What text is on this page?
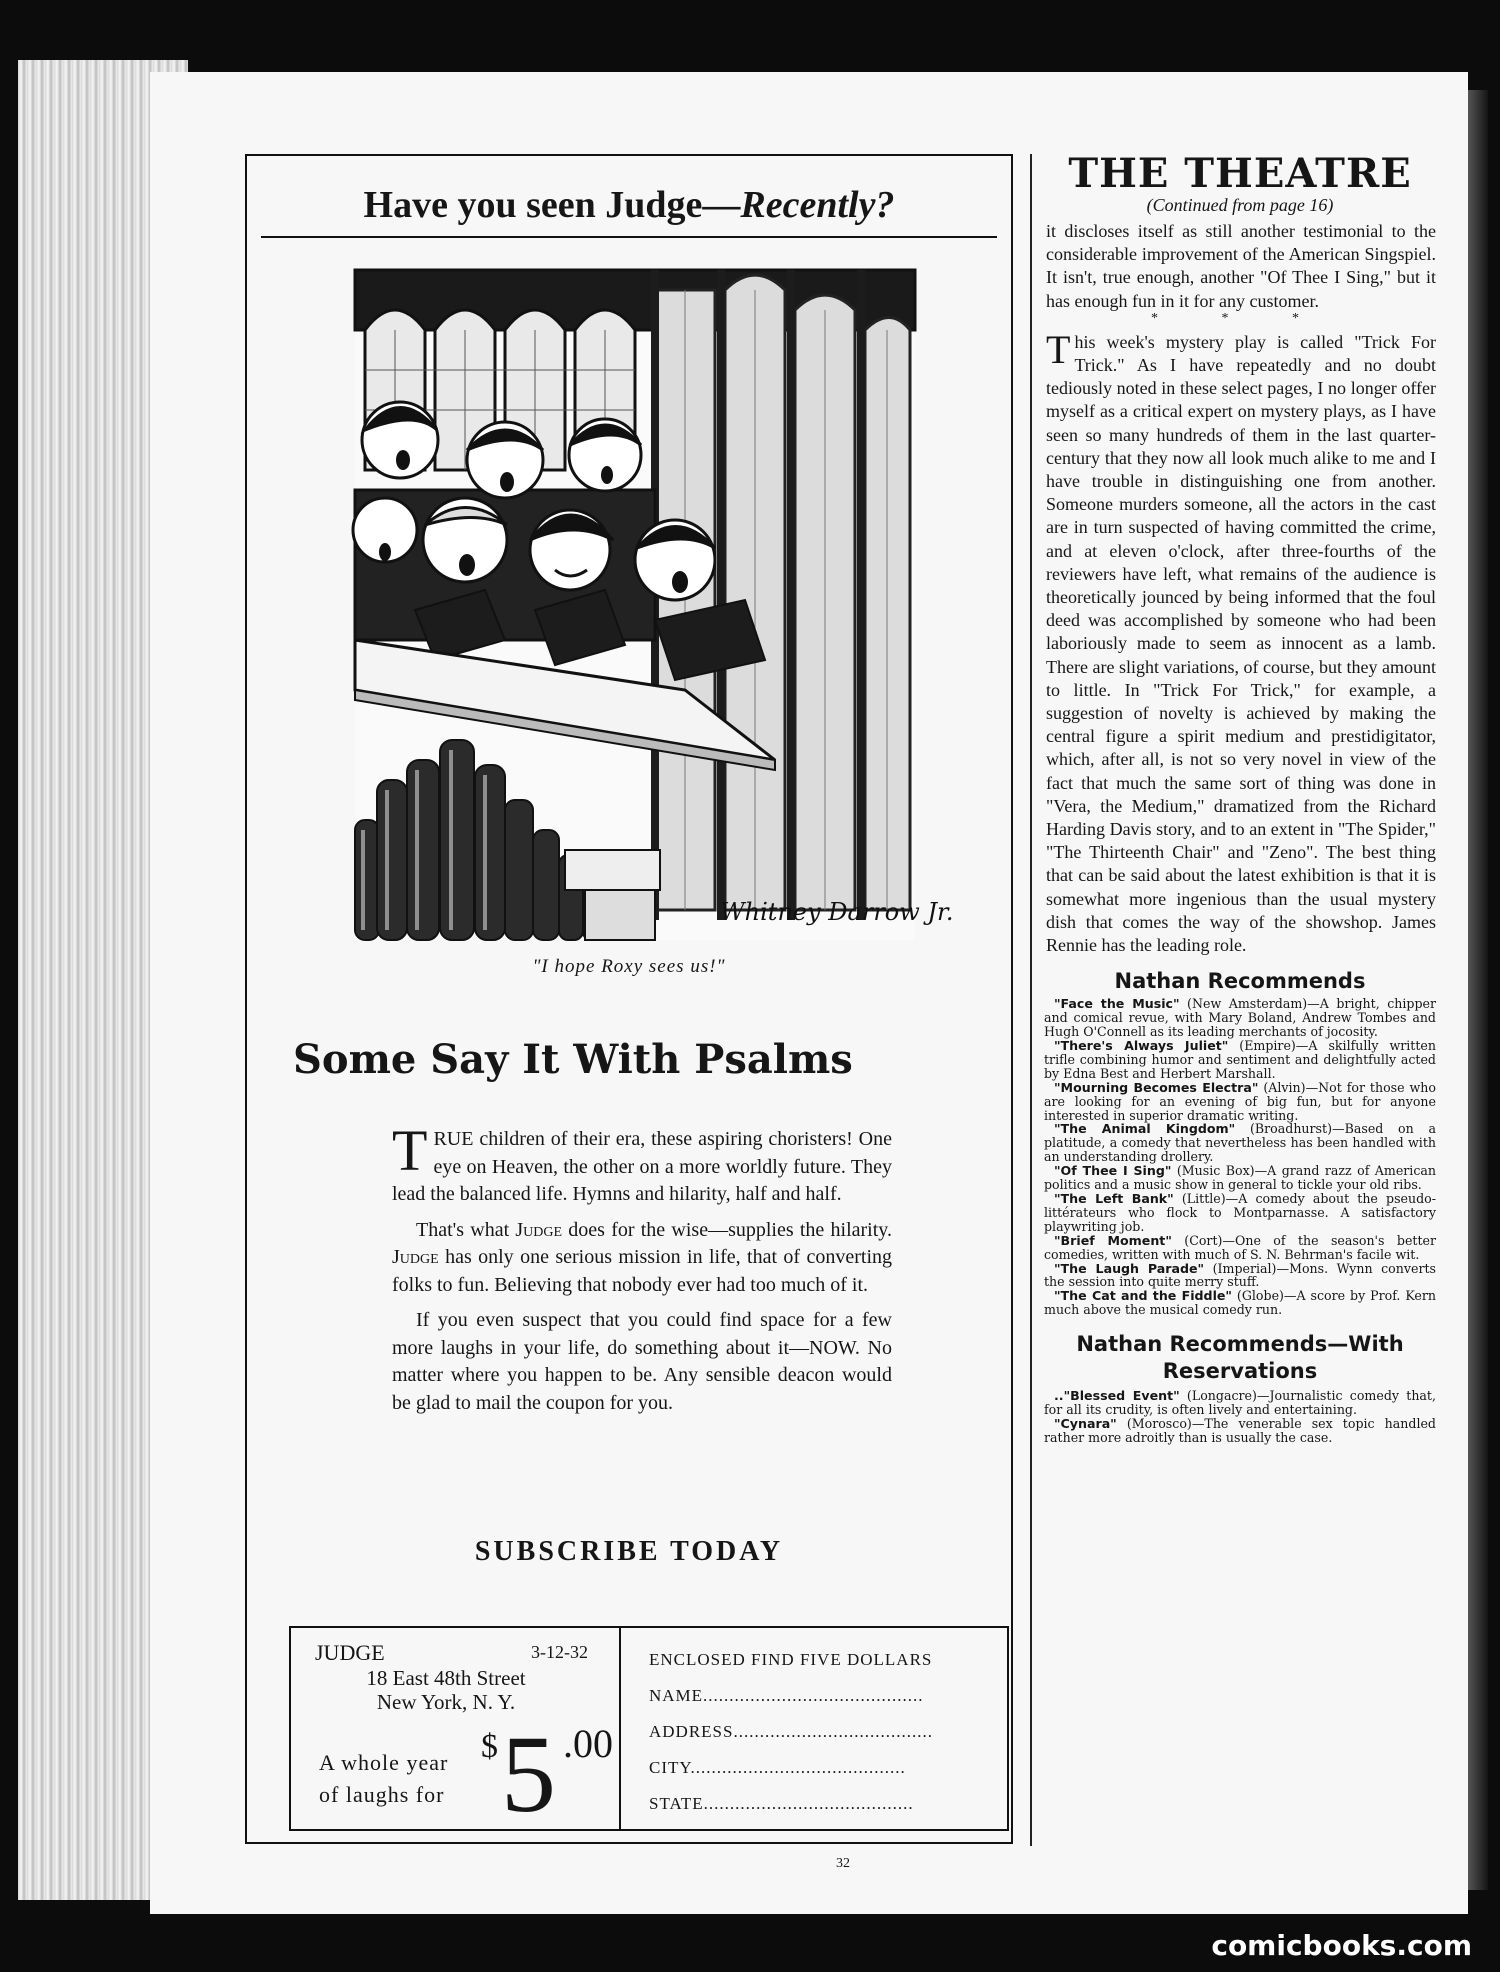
Have you seen Judge—Recently?
Whitney Darrow Jr.
"I hope Roxy sees us!"
Some Say It With Psalms

TRUE children of their era, these aspiring choristers! One eye on Heaven, the other on a more worldly future. They lead the balanced life. Hymns and hilarity, half and half.

That's what Judge does for the wise—supplies the hilarity. Judge has only one serious mission in life, that of converting folks to fun. Believing that nobody ever had too much of it.

If you even suspect that you could find space for a few more laughs in your life, do something about it—NOW. No matter where you happen to be. Any sensible deacon would be glad to mail the coupon for you.

SUBSCRIBE TODAY
JUDGE	3-12-32
18 East 48th Street
New York, N. Y.
A whole year
of laughs for
$ 5 .00
ENCLOSED FIND FIVE DOLLARS
NAME..........................................
ADDRESS......................................
CITY.........................................
STATE........................................
THE THEATRE
(Continued from page 16)
it discloses itself as still another testimonial to the considerable improvement of the American Singspiel. It isn't, true enough, another "Of Thee I Sing," but it has enough fun in it for any customer.
* * *
This week's mystery play is called "Trick For Trick." As I have repeatedly and no doubt tediously noted in these select pages, I no longer offer myself as a critical expert on mystery plays, as I have seen so many hundreds of them in the last quarter-century that they now all look much alike to me and I have trouble in distinguishing one from another. Someone murders someone, all the actors in the cast are in turn suspected of having committed the crime, and at eleven o'clock, after three-fourths of the reviewers have left, what remains of the audience is theoretically jounced by being informed that the foul deed was accomplished by someone who had been laboriously made to seem as innocent as a lamb. There are slight variations, of course, but they amount to little. In "Trick For Trick," for example, a suggestion of novelty is achieved by making the central figure a spirit medium and prestidigitator, which, after all, is not so very novel in view of the fact that much the same sort of thing was done in "Vera, the Medium," dramatized from the Richard Harding Davis story, and to an extent in "The Spider," "The Thirteenth Chair" and "Zeno". The best thing that can be said about the latest exhibition is that it is somewhat more ingenious than the usual mystery dish that comes the way of the showshop. James Rennie has the leading role.
Nathan Recommends

"Face the Music" (New Amsterdam)—A bright, chipper and comical revue, with Mary Boland, Andrew Tombes and Hugh O'Connell as its leading merchants of jocosity.

"There's Always Juliet" (Empire)—A skilfully written trifle combining humor and sentiment and delightfully acted by Edna Best and Herbert Marshall.

"Mourning Becomes Electra" (Alvin)—Not for those who are looking for an evening of big fun, but for anyone interested in superior dramatic writing.

"The Animal Kingdom" (Broadhurst)—Based on a platitude, a comedy that nevertheless has been handled with an understanding drollery.

"Of Thee I Sing" (Music Box)—A grand razz of American politics and a music show in general to tickle your old ribs.

"The Left Bank" (Little)—A comedy about the pseudo-littérateurs who flock to Montparnasse. A satisfactory playwriting job.

"Brief Moment" (Cort)—One of the season's better comedies, written with much of S. N. Behrman's facile wit.

"The Laugh Parade" (Imperial)—Mons. Wynn converts the session into quite merry stuff.

"The Cat and the Fiddle" (Globe)—A score by Prof. Kern much above the musical comedy run.

Nathan Recommends—With Reservations

.."Blessed Event" (Longacre)—Journalistic comedy that, for all its crudity, is often lively and entertaining.

"Cynara" (Morosco)—The venerable sex topic handled rather more adroitly than is usually the case.

32
comicbooks.com
